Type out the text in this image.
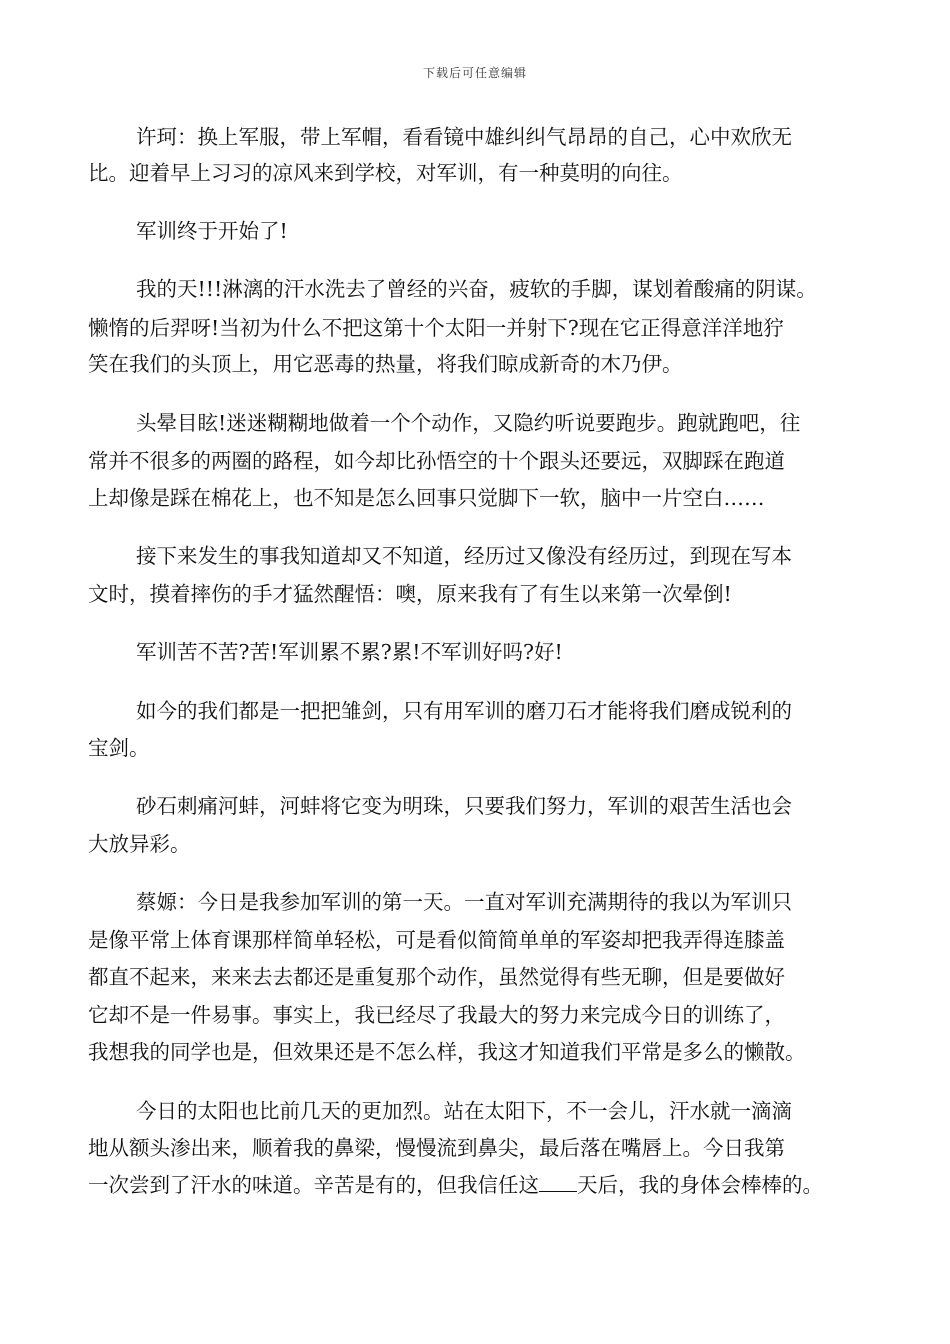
下载后可任意编辑
许珂：换上军服，带上军帽，看看镜中雄纠纠气昂昂的自己，心中欢欣无
比。迎着早上习习的凉风来到学校，对军训，有一种莫明的向往。
军训终于开始了!
我的天!!!淋漓的汗水洗去了曾经的兴奋，疲软的手脚，谋划着酸痛的阴谋。
懒惰的后羿呀!当初为什么不把这第十个太阳一并射下?现在它正得意洋洋地狞
笑在我们的头顶上，用它恶毒的热量，将我们晾成新奇的木乃伊。
头晕目眩!迷迷糊糊地做着一个个动作，又隐约听说要跑步。跑就跑吧，往
常并不很多的两圈的路程，如今却比孙悟空的十个跟头还要远，双脚踩在跑道
上却像是踩在棉花上，也不知是怎么回事只觉脚下一软，脑中一片空白……
接下来发生的事我知道却又不知道，经历过又像没有经历过，到现在写本
文时，摸着摔伤的手才猛然醒悟：噢，原来我有了有生以来第一次晕倒!
军训苦不苦?苦!军训累不累?累!不军训好吗?好!
如今的我们都是一把把雏剑，只有用军训的磨刀石才能将我们磨成锐利的
宝剑。
砂石刺痛河蚌，河蚌将它变为明珠，只要我们努力，军训的艰苦生活也会
大放异彩。
蔡嫄：今日是我参加军训的第一天。一直对军训充满期待的我以为军训只
是像平常上体育课那样简单轻松，可是看似简简单单的军姿却把我弄得连膝盖
都直不起来，来来去去都还是重复那个动作，虽然觉得有些无聊，但是要做好
它却不是一件易事。事实上，我已经尽了我最大的努力来完成今日的训练了，
我想我的同学也是，但效果还是不怎么样，我这才知道我们平常是多么的懒散。
今日的太阳也比前几天的更加烈。站在太阳下，不一会儿，汗水就一滴滴
地从额头渗出来，顺着我的鼻梁，慢慢流到鼻尖，最后落在嘴唇上。今日我第
一次尝到了汗水的味道。辛苦是有的，但我信任这 天后，我的身体会棒棒的。
